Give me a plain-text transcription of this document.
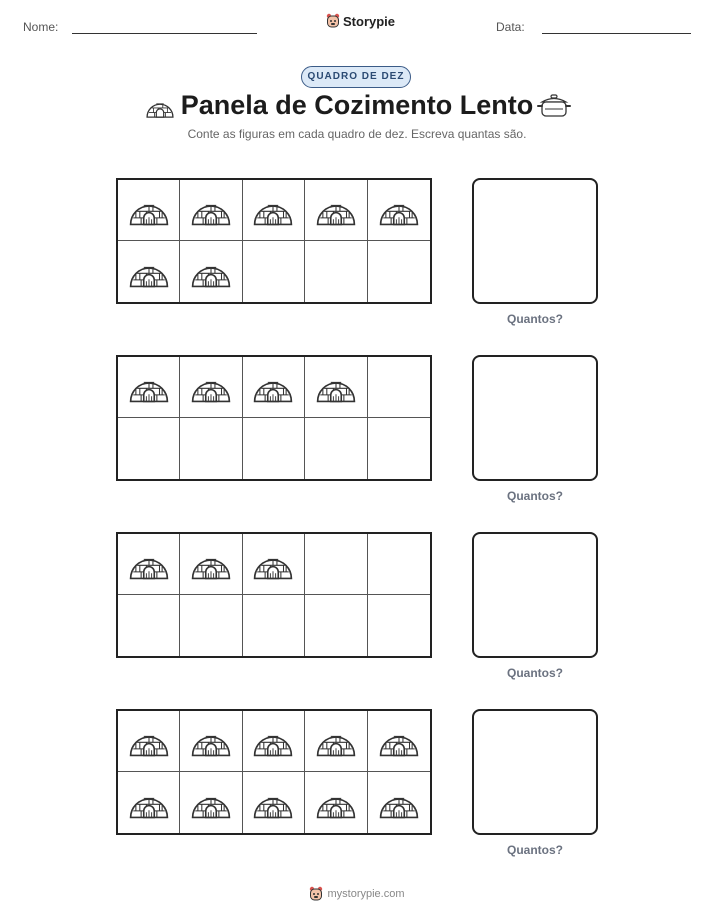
Nome:	Storypie	Data:
QUADRO DE DEZ
Panela de Cozimento Lento
Conte as figuras em cada quadro de dez. Escreva quantas são.
Quantos?
Quantos?
Quantos?
Quantos?
mystorypie.com
